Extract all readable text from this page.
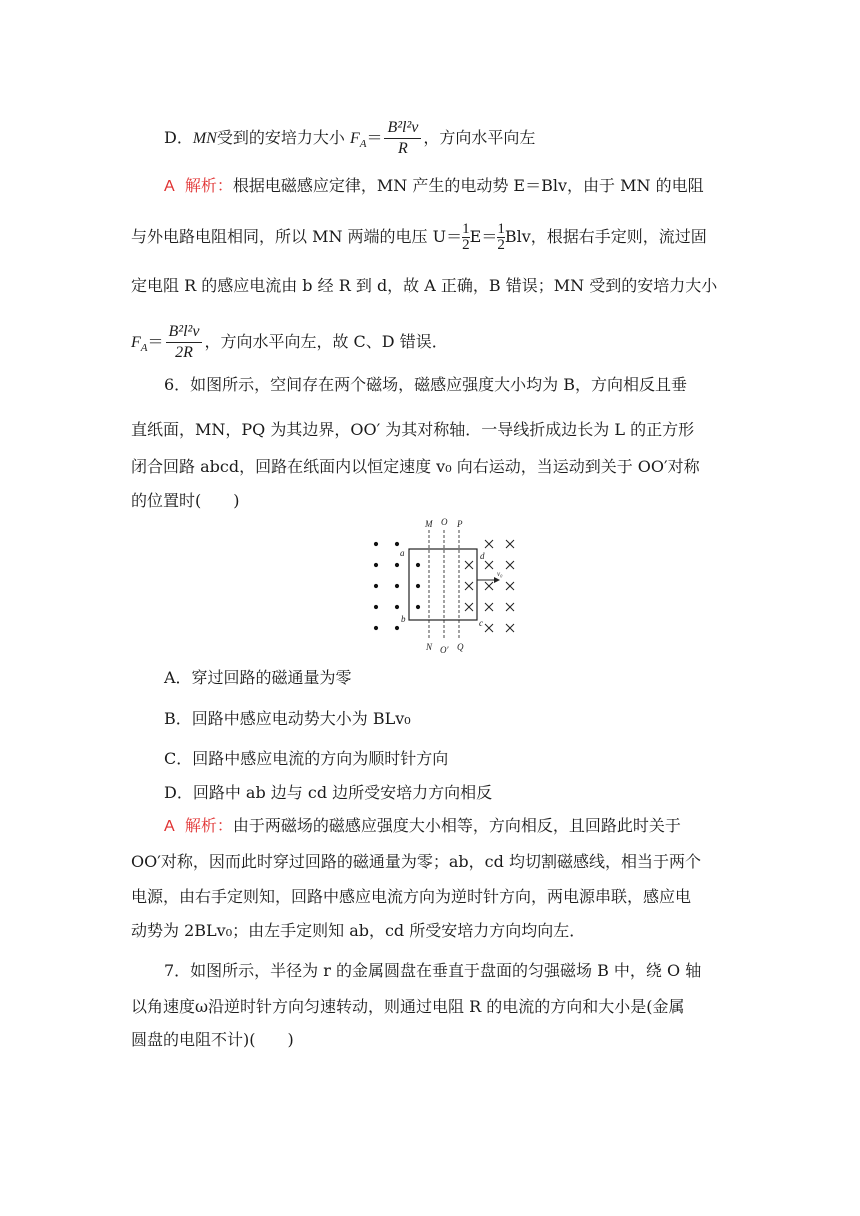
D．MN受到的安培力大小 $F_A= \frac{\text{B²l²v}}{R}$ ，方向水平向左
A 解析：根据电磁感应定律，MN 产生的电动势 E＝Blv，由于 MN 的电阻
与外电路电阻相同，所以 MN 两端的电压 $U= \frac{1}{2} E= \frac{1}{2}$ Blv，根据右手定则，流过固
定电阻 R 的感应电流由 b 经 R 到 d，故 A 正确，B 错误；MN 受到的安培力大小
$F_A= \frac{\text{B²l²v}}{2R}$ ，方向水平向左，故 C、D 错误．
6．如图所示，空间存在两个磁场，磁感应强度大小均为 B，方向相反且垂
直纸面，MN，PQ 为其边界，OO′ 为其对称轴．一导线折成边长为 L 的正方形
闭合回路 abcd，回路在纸面内以恒定速度 v₀ 向右运动，当运动到关于 OO′对称
的位置时(　　)
M O P
N O′ Q
a
b	c
d
v₀
A．穿过回路的磁通量为零
B．回路中感应电动势大小为 BLv₀
C．回路中感应电流的方向为顺时针方向
D．回路中 ab 边与 cd 边所受安培力方向相反
A 解析：由于两磁场的磁感应强度大小相等，方向相反，且回路此时关于
OO′对称，因而此时穿过回路的磁通量为零；ab，cd 均切割磁感线，相当于两个
电源，由右手定则知，回路中感应电流方向为逆时针方向，两电源串联，感应电
动势为 2BLv₀；由左手定则知 ab，cd 所受安培力方向均向左．
7．如图所示，半径为 r 的金属圆盘在垂直于盘面的匀强磁场 B 中，绕 O 轴
以角速度ω沿逆时针方向匀速转动，则通过电阻 R 的电流的方向和大小是(金属
圆盘的电阻不计)(　　)
